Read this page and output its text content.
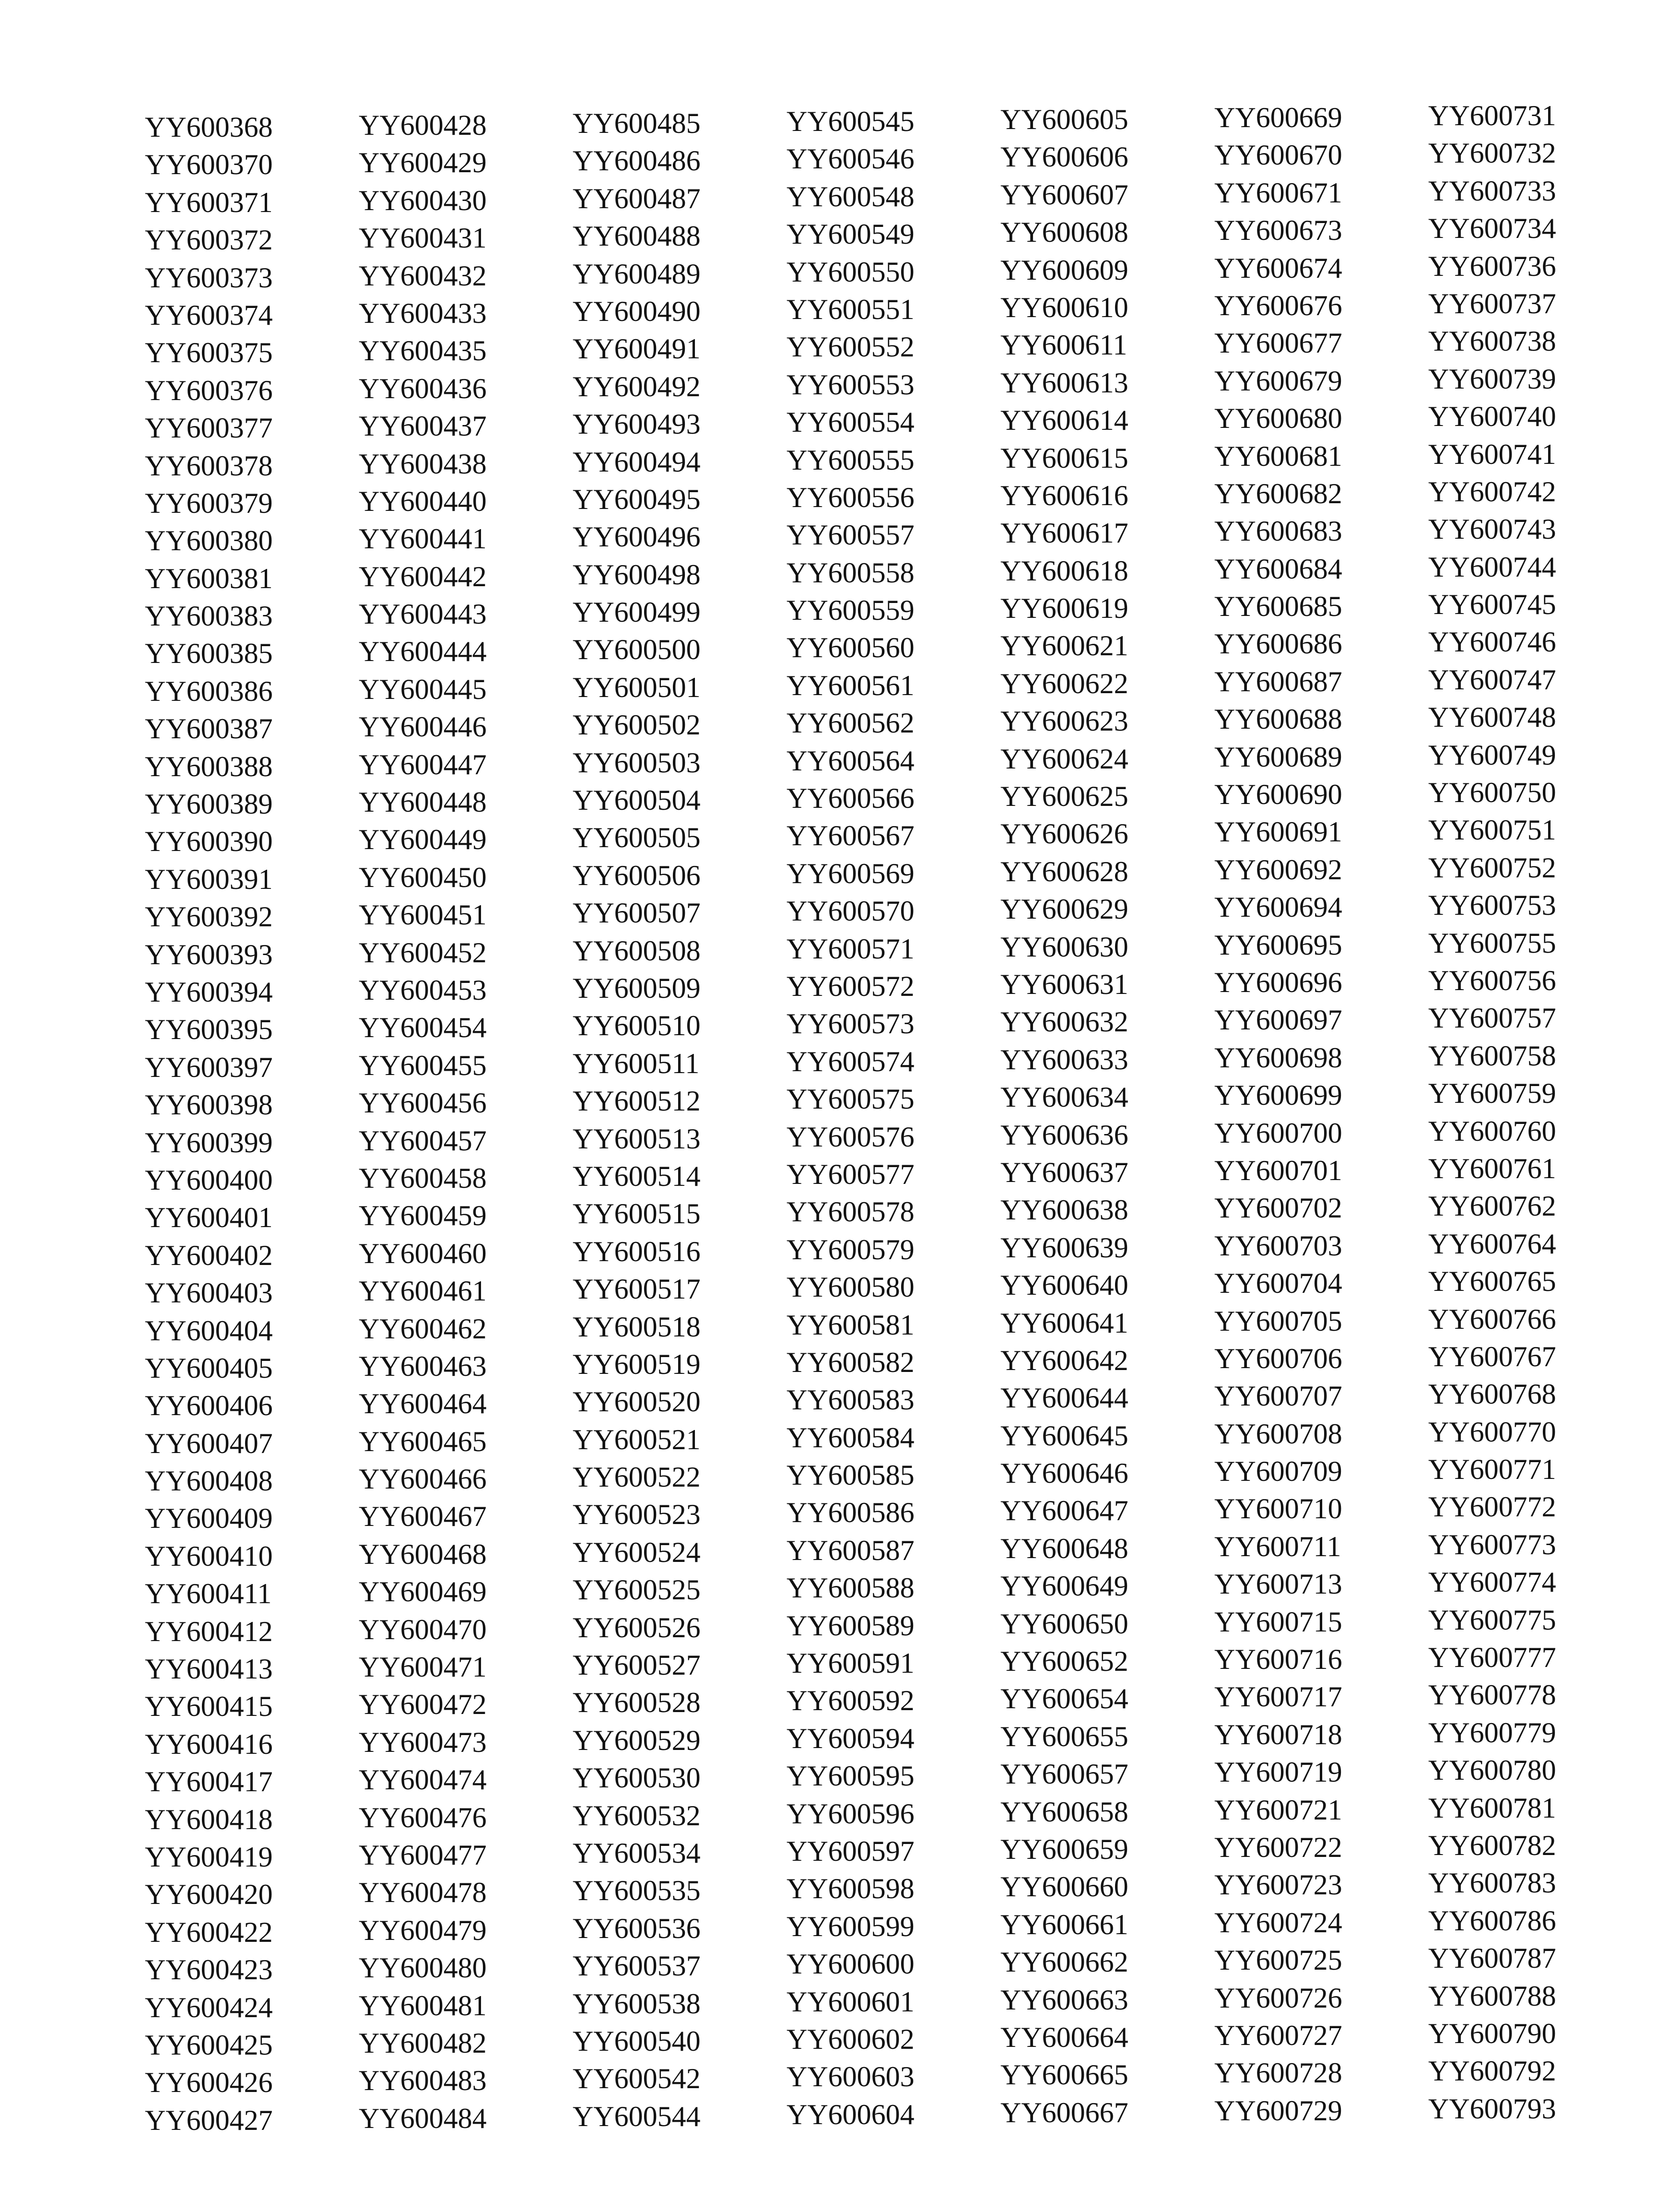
YY600368
YY600370
YY600371
YY600372
YY600373
YY600374
YY600375
YY600376
YY600377
YY600378
YY600379
YY600380
YY600381
YY600383
YY600385
YY600386
YY600387
YY600388
YY600389
YY600390
YY600391
YY600392
YY600393
YY600394
YY600395
YY600397
YY600398
YY600399
YY600400
YY600401
YY600402
YY600403
YY600404
YY600405
YY600406
YY600407
YY600408
YY600409
YY600410
YY600411
YY600412
YY600413
YY600415
YY600416
YY600417
YY600418
YY600419
YY600420
YY600422
YY600423
YY600424
YY600425
YY600426
YY600427
YY600428
YY600429
YY600430
YY600431
YY600432
YY600433
YY600435
YY600436
YY600437
YY600438
YY600440
YY600441
YY600442
YY600443
YY600444
YY600445
YY600446
YY600447
YY600448
YY600449
YY600450
YY600451
YY600452
YY600453
YY600454
YY600455
YY600456
YY600457
YY600458
YY600459
YY600460
YY600461
YY600462
YY600463
YY600464
YY600465
YY600466
YY600467
YY600468
YY600469
YY600470
YY600471
YY600472
YY600473
YY600474
YY600476
YY600477
YY600478
YY600479
YY600480
YY600481
YY600482
YY600483
YY600484
YY600485
YY600486
YY600487
YY600488
YY600489
YY600490
YY600491
YY600492
YY600493
YY600494
YY600495
YY600496
YY600498
YY600499
YY600500
YY600501
YY600502
YY600503
YY600504
YY600505
YY600506
YY600507
YY600508
YY600509
YY600510
YY600511
YY600512
YY600513
YY600514
YY600515
YY600516
YY600517
YY600518
YY600519
YY600520
YY600521
YY600522
YY600523
YY600524
YY600525
YY600526
YY600527
YY600528
YY600529
YY600530
YY600532
YY600534
YY600535
YY600536
YY600537
YY600538
YY600540
YY600542
YY600544
YY600545
YY600546
YY600548
YY600549
YY600550
YY600551
YY600552
YY600553
YY600554
YY600555
YY600556
YY600557
YY600558
YY600559
YY600560
YY600561
YY600562
YY600564
YY600566
YY600567
YY600569
YY600570
YY600571
YY600572
YY600573
YY600574
YY600575
YY600576
YY600577
YY600578
YY600579
YY600580
YY600581
YY600582
YY600583
YY600584
YY600585
YY600586
YY600587
YY600588
YY600589
YY600591
YY600592
YY600594
YY600595
YY600596
YY600597
YY600598
YY600599
YY600600
YY600601
YY600602
YY600603
YY600604
YY600605
YY600606
YY600607
YY600608
YY600609
YY600610
YY600611
YY600613
YY600614
YY600615
YY600616
YY600617
YY600618
YY600619
YY600621
YY600622
YY600623
YY600624
YY600625
YY600626
YY600628
YY600629
YY600630
YY600631
YY600632
YY600633
YY600634
YY600636
YY600637
YY600638
YY600639
YY600640
YY600641
YY600642
YY600644
YY600645
YY600646
YY600647
YY600648
YY600649
YY600650
YY600652
YY600654
YY600655
YY600657
YY600658
YY600659
YY600660
YY600661
YY600662
YY600663
YY600664
YY600665
YY600667
YY600669
YY600670
YY600671
YY600673
YY600674
YY600676
YY600677
YY600679
YY600680
YY600681
YY600682
YY600683
YY600684
YY600685
YY600686
YY600687
YY600688
YY600689
YY600690
YY600691
YY600692
YY600694
YY600695
YY600696
YY600697
YY600698
YY600699
YY600700
YY600701
YY600702
YY600703
YY600704
YY600705
YY600706
YY600707
YY600708
YY600709
YY600710
YY600711
YY600713
YY600715
YY600716
YY600717
YY600718
YY600719
YY600721
YY600722
YY600723
YY600724
YY600725
YY600726
YY600727
YY600728
YY600729
YY600731
YY600732
YY600733
YY600734
YY600736
YY600737
YY600738
YY600739
YY600740
YY600741
YY600742
YY600743
YY600744
YY600745
YY600746
YY600747
YY600748
YY600749
YY600750
YY600751
YY600752
YY600753
YY600755
YY600756
YY600757
YY600758
YY600759
YY600760
YY600761
YY600762
YY600764
YY600765
YY600766
YY600767
YY600768
YY600770
YY600771
YY600772
YY600773
YY600774
YY600775
YY600777
YY600778
YY600779
YY600780
YY600781
YY600782
YY600783
YY600786
YY600787
YY600788
YY600790
YY600792
YY600793
